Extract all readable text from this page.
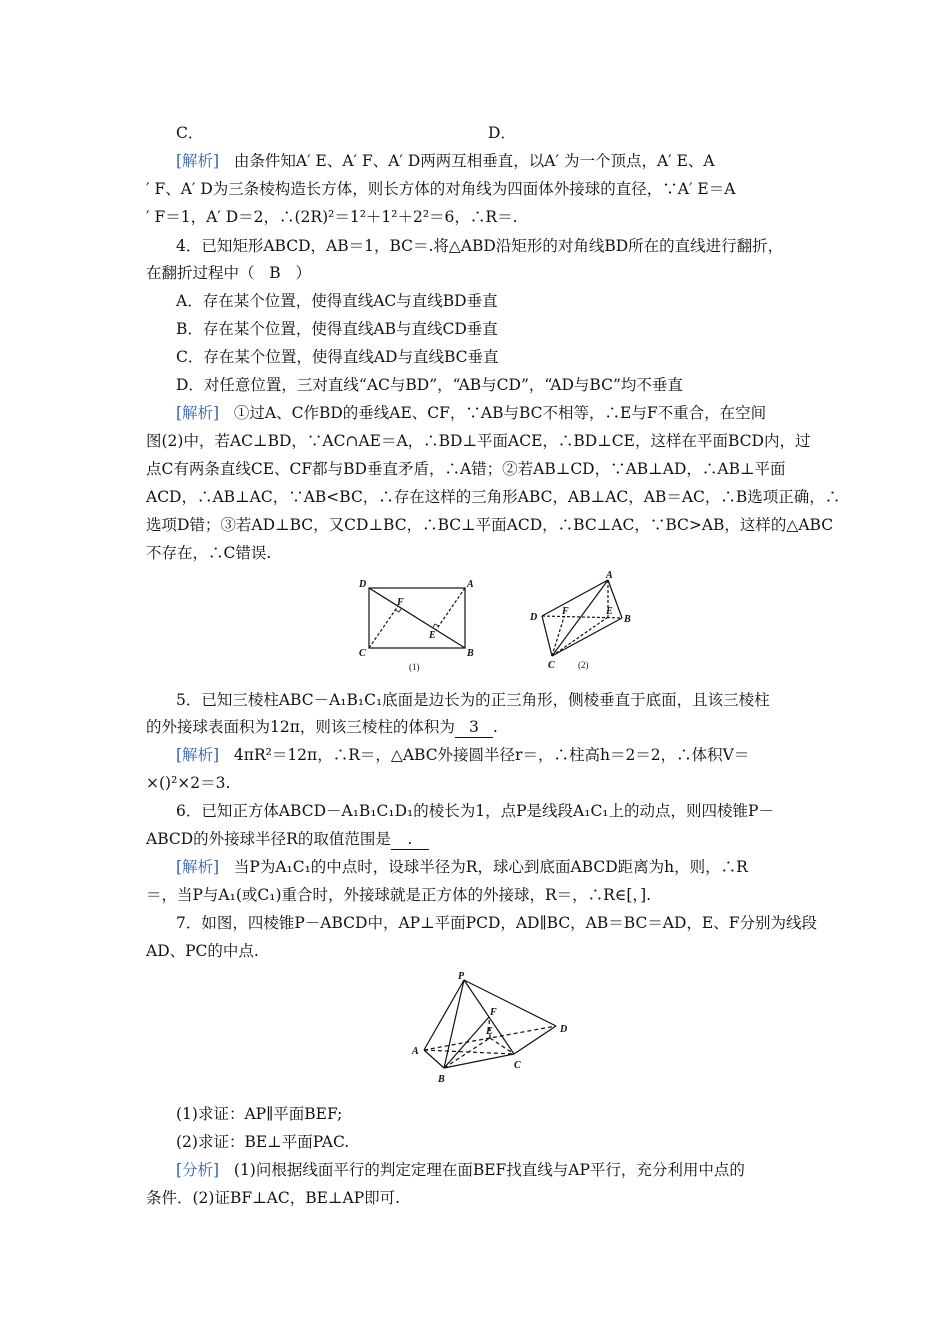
C．	D．
[解析] 由条件知A′ E、A′ F、A′ D两两互相垂直，以A′ 为一个顶点，A′ E、A
′ F、A′ D为三条棱构造长方体，则长方体的对角线为四面体外接球的直径，∵A′ E＝A
′ F＝1，A′ D＝2，∴(2R)²＝1²＋1²＋2²＝6，∴R＝.
4．已知矩形ABCD，AB＝1，BC＝.将△ABD沿矩形的对角线BD所在的直线进行翻折，
在翻折过程中（ B ）
A．存在某个位置，使得直线AC与直线BD垂直
B．存在某个位置，使得直线AB与直线CD垂直
C．存在某个位置，使得直线AD与直线BC垂直
D．对任意位置，三对直线“AC与BD”，“AB与CD”，“AD与BC”均不垂直
[解析] ①过A、C作BD的垂线AE、CF，∵AB与BC不相等，∴E与F不重合，在空间
图(2)中，若AC⊥BD，∵AC∩AE＝A，∴BD⊥平面ACE，∴BD⊥CE，这样在平面BCD内，过
点C有两条直线CE、CF都与BD垂直矛盾，∴A错；②若AB⊥CD，∵AB⊥AD，∴AB⊥平面
ACD，∴AB⊥AC，∵AB<BC，∴存在这样的三角形ABC，AB⊥AC，AB＝AC，∴B选项正确，∴
选项D错；③若AD⊥BC，又CD⊥BC，∴BC⊥平面ACD，∴BC⊥AC，∵BC>AB，这样的△ABC
不存在，∴C错误.
D	A
F
E
C	B
(1)
A
D
F	E
B
C	(2)
5．已知三棱柱ABC－A₁B₁C₁底面是边长为的正三角形，侧棱垂直于底面，且该三棱柱
的外接球表面积为12π，则该三棱柱的体积为 3 .
[解析] 4πR²＝12π，∴R＝，△ABC外接圆半径r＝，∴柱高h＝2＝2，∴体积V＝
×()²×2＝3.
6．已知正方体ABCD－A₁B₁C₁D₁的棱长为1，点P是线段A₁C₁上的动点，则四棱锥P－
ABCD的外接球半径R的取值范围是 .
[解析] 当P为A₁C₁的中点时，设球半径为R，球心到底面ABCD距离为h，则，∴R
＝，当P与A₁(或C₁)重合时，外接球就是正方体的外接球，R＝，∴R∈[，].
7．如图，四棱锥P－ABCD中，AP⊥平面PCD，AD∥BC，AB＝BC＝AD，E、F分别为线段
AD、PC的中点.
P
F
D
E
A
C
B
(1)求证：AP∥平面BEF;
(2)求证：BE⊥平面PAC.
[分析] (1)问根据线面平行的判定定理在面BEF找直线与AP平行，充分利用中点的
条件．(2)证BF⊥AC，BE⊥AP即可.
